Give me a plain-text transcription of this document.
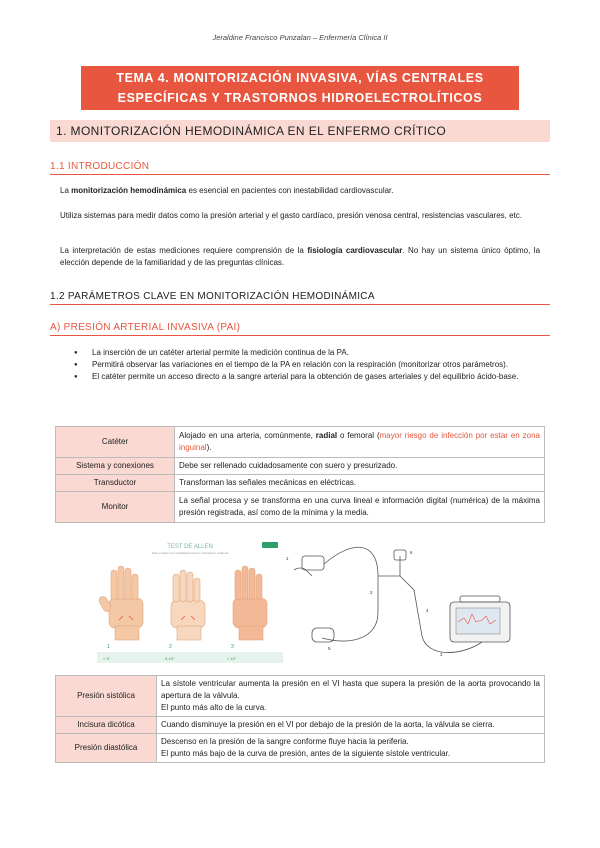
Jeraldine Francisco Punzalan – Enfermería Clínica II
TEMA 4. MONITORIZACIÓN INVASIVA, VÍAS CENTRALES
ESPECÍFICAS Y TRASTORNOS HIDROELECTROLÍTICOS
1. MONITORIZACIÓN HEMODINÁMICA EN EL ENFERMO CRÍTICO
1.1 INTRODUCCIÓN
La monitorización hemodinámica es esencial en pacientes con inestabilidad cardiovascular.
Utiliza sistemas para medir datos como la presión arterial y el gasto cardíaco, presión venosa central, resistencias vasculares, etc.
La interpretación de estas mediciones requiere comprensión de la fisiología cardiovascular. No hay un sistema único óptimo, la elección depende de la familiaridad y de las preguntas clínicas.
1.2 PARÁMETROS CLAVE EN MONITORIZACIÓN HEMODINÁMICA
A) PRESIÓN ARTERIAL INVASIVA (PAI)
● La inserción de un catéter arterial permite la medición continua de la PA.
● Permitirá observar las variaciones en el tiempo de la PA en relación con la respiración (monitorizar otros parámetros).
● El catéter permite un acceso directo a la sangre arterial para la obtención de gases arteriales y del equilibrio ácido-base.
Catéter	Alojado en una arteria, comúnmente, radial o femoral (mayor riesgo de infección por estar en zona inguinal).
Sistema y conexiones	Debe ser rellenado cuidadosamente con suero y presurizado.
Transductor	Transforman las señales mecánicas en eléctricas.
Monitor	La señal procesa y se transforma en una curva lineal e información digital (numérica) de la máxima presión registrada, así como de la mínima y la media.
TEST DE ALLEN
Para evaluar permeabilidad arterial y circulación colateral
1	2	3
< 5"	5-15"	> 15"
1
2
3
4
5
6
Presión sistólica	La sístole ventricular aumenta la presión en el VI hasta que supera la presión de la aorta provocando la apertura de la válvula.
El punto más alto de la curva.

Incisura dicótica	Cuando disminuye la presión en el VI por debajo de la presión de la aorta, la válvula se cierra.
Presión diastólica	Descenso en la presión de la sangre conforme fluye hacia la periferia.
El punto más bajo de la curva de presión, antes de la siguiente sístole ventricular.
